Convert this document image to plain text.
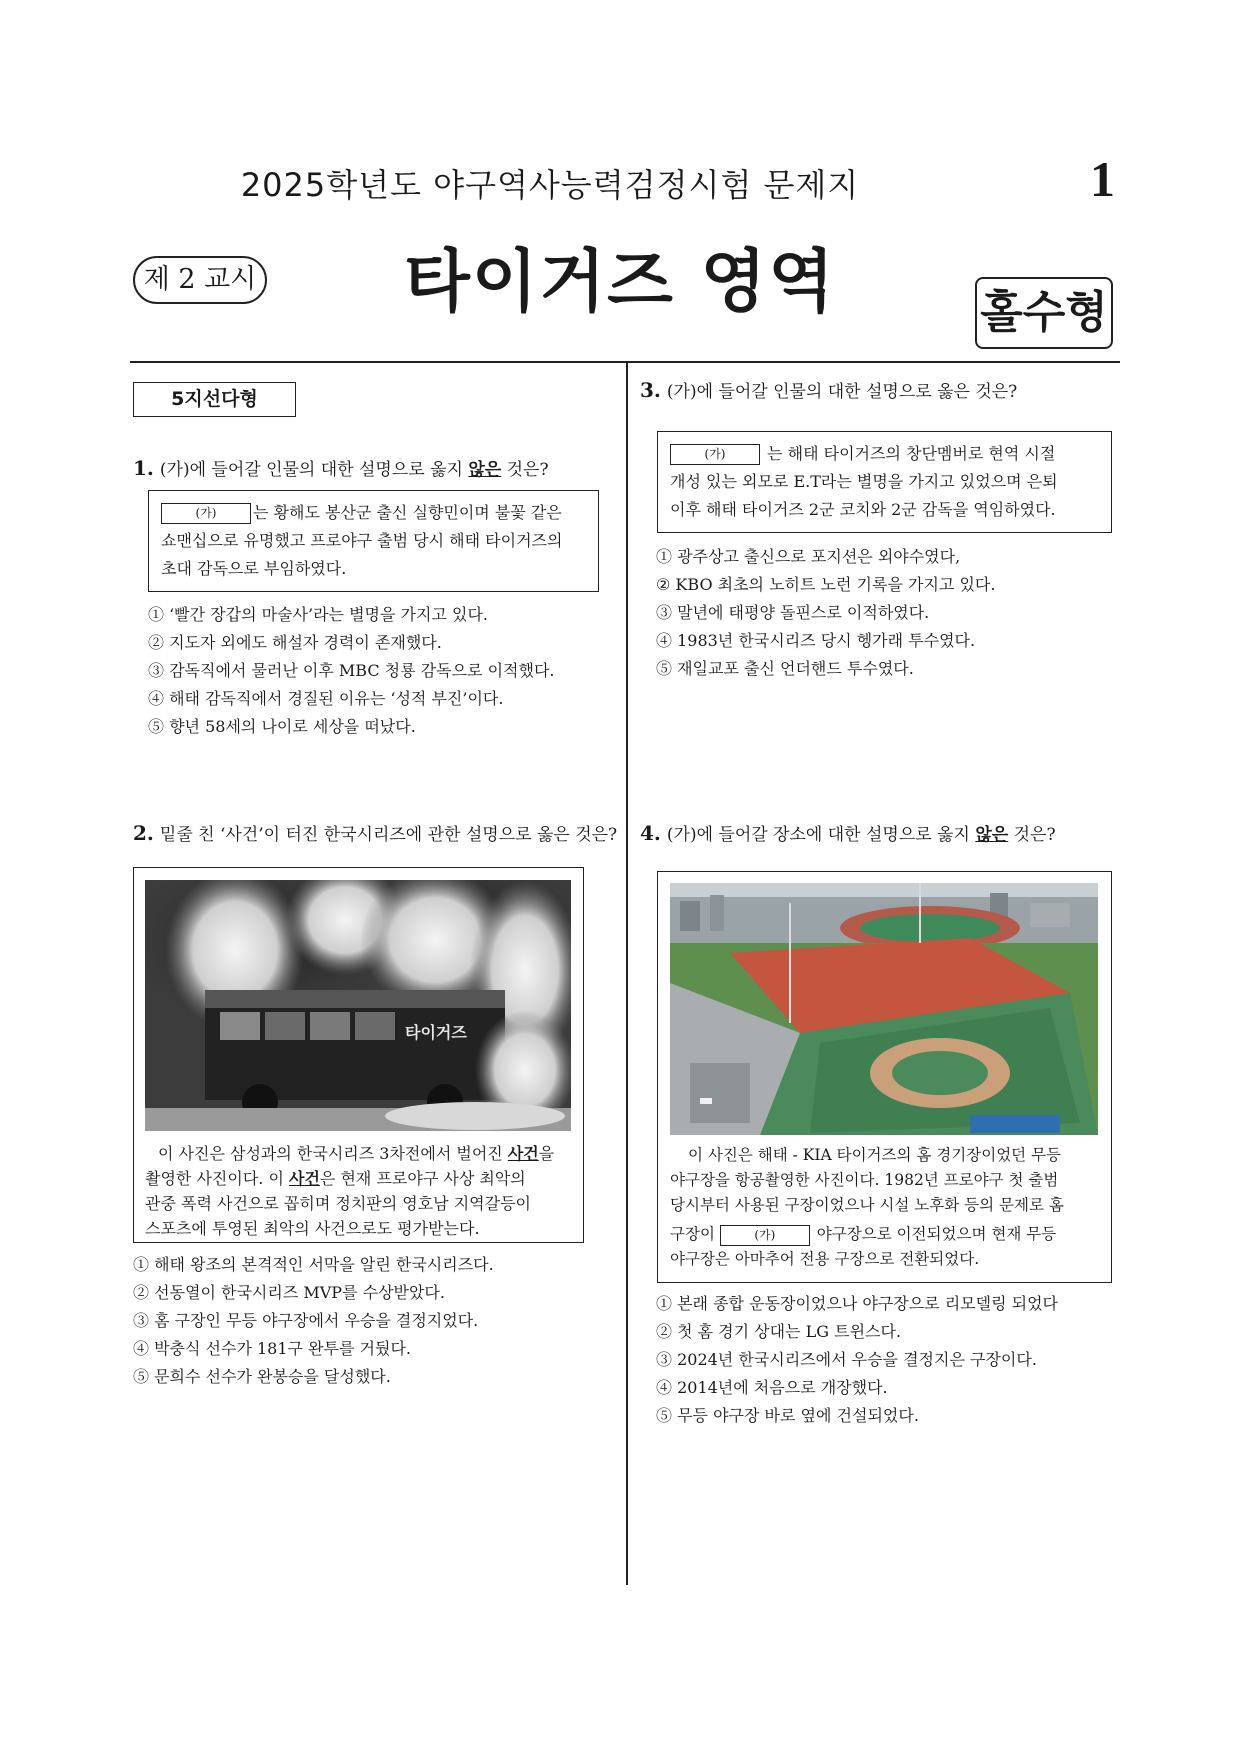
2025학년도 야구역사능력검정시험 문제지	1
제 2 교시	타이거즈 영역	홀수형
5지선다형
1. (가)에 들어갈 인물의 대한 설명으로 옳지 않은 것은?

(가) 는 황해도 봉산군 출신 실향민이며 불꽃 같은

쇼맨십으로 유명했고 프로야구 출범 당시 해태 타이거즈의

초대 감독으로 부임하였다.

① ‘빨간 장갑의 마술사’라는 별명을 가지고 있다.
② 지도자 외에도 해설자 경력이 존재했다.
③ 감독직에서 물러난 이후 MBC 청룡 감독으로 이적했다.
④ 해태 감독직에서 경질된 이유는 ‘성적 부진’이다.
⑤ 향년 58세의 나이로 세상을 떠났다.
2. 밑줄 친 ‘사건’이 터진 한국시리즈에 관한 설명으로 옳은 것은?
타이거즈
이 사진은 삼성과의 한국시리즈 3차전에서 벌어진 사건을
촬영한 사진이다. 이 사건은 현재 프로야구 사상 최악의
관중 폭력 사건으로 꼽히며 정치판의 영호남 지역갈등이
스포츠에 투영된 최악의 사건으로도 평가받는다.
① 해태 왕조의 본격적인 서막을 알린 한국시리즈다.
② 선동열이 한국시리즈 MVP를 수상받았다.
③ 홈 구장인 무등 야구장에서 우승을 결정지었다.
④ 박충식 선수가 181구 완투를 거뒀다.
⑤ 문희수 선수가 완봉승을 달성했다.
3. (가)에 들어갈 인물의 대한 설명으로 옳은 것은?

(가)	는 해태 타이거즈의 창단멤버로 현역 시절

개성 있는 외모로 E.T라는 별명을 가지고 있었으며 은퇴

이후 해태 타이거즈 2군 코치와 2군 감독을 역임하였다.

① 광주상고 출신으로 포지션은 외야수였다,
② KBO 최초의 노히트 노런 기록을 가지고 있다.
③ 말년에 태평양 돌핀스로 이적하였다.
④ 1983년 한국시리즈 당시 헹가래 투수였다.
⑤ 재일교포 출신 언더핸드 투수였다.
4. (가)에 들어갈 장소에 대한 설명으로 옳지 않은 것은?
이 사진은 해태 - KIA 타이거즈의 홈 경기장이었던 무등
야구장을 항공촬영한 사진이다. 1982년 프로야구 첫 출범
당시부터 사용된 구장이었으나 시설 노후화 등의 문제로 홈
구장이	(가)	야구장으로 이전되었으며 현재 무등
야구장은 아마추어 전용 구장으로 전환되었다.
① 본래 종합 운동장이었으나 야구장으로 리모델링 되었다
② 첫 홈 경기 상대는 LG 트윈스다.
③ 2024년 한국시리즈에서 우승을 결정지은 구장이다.
④ 2014년에 처음으로 개장했다.
⑤ 무등 야구장 바로 옆에 건설되었다.
